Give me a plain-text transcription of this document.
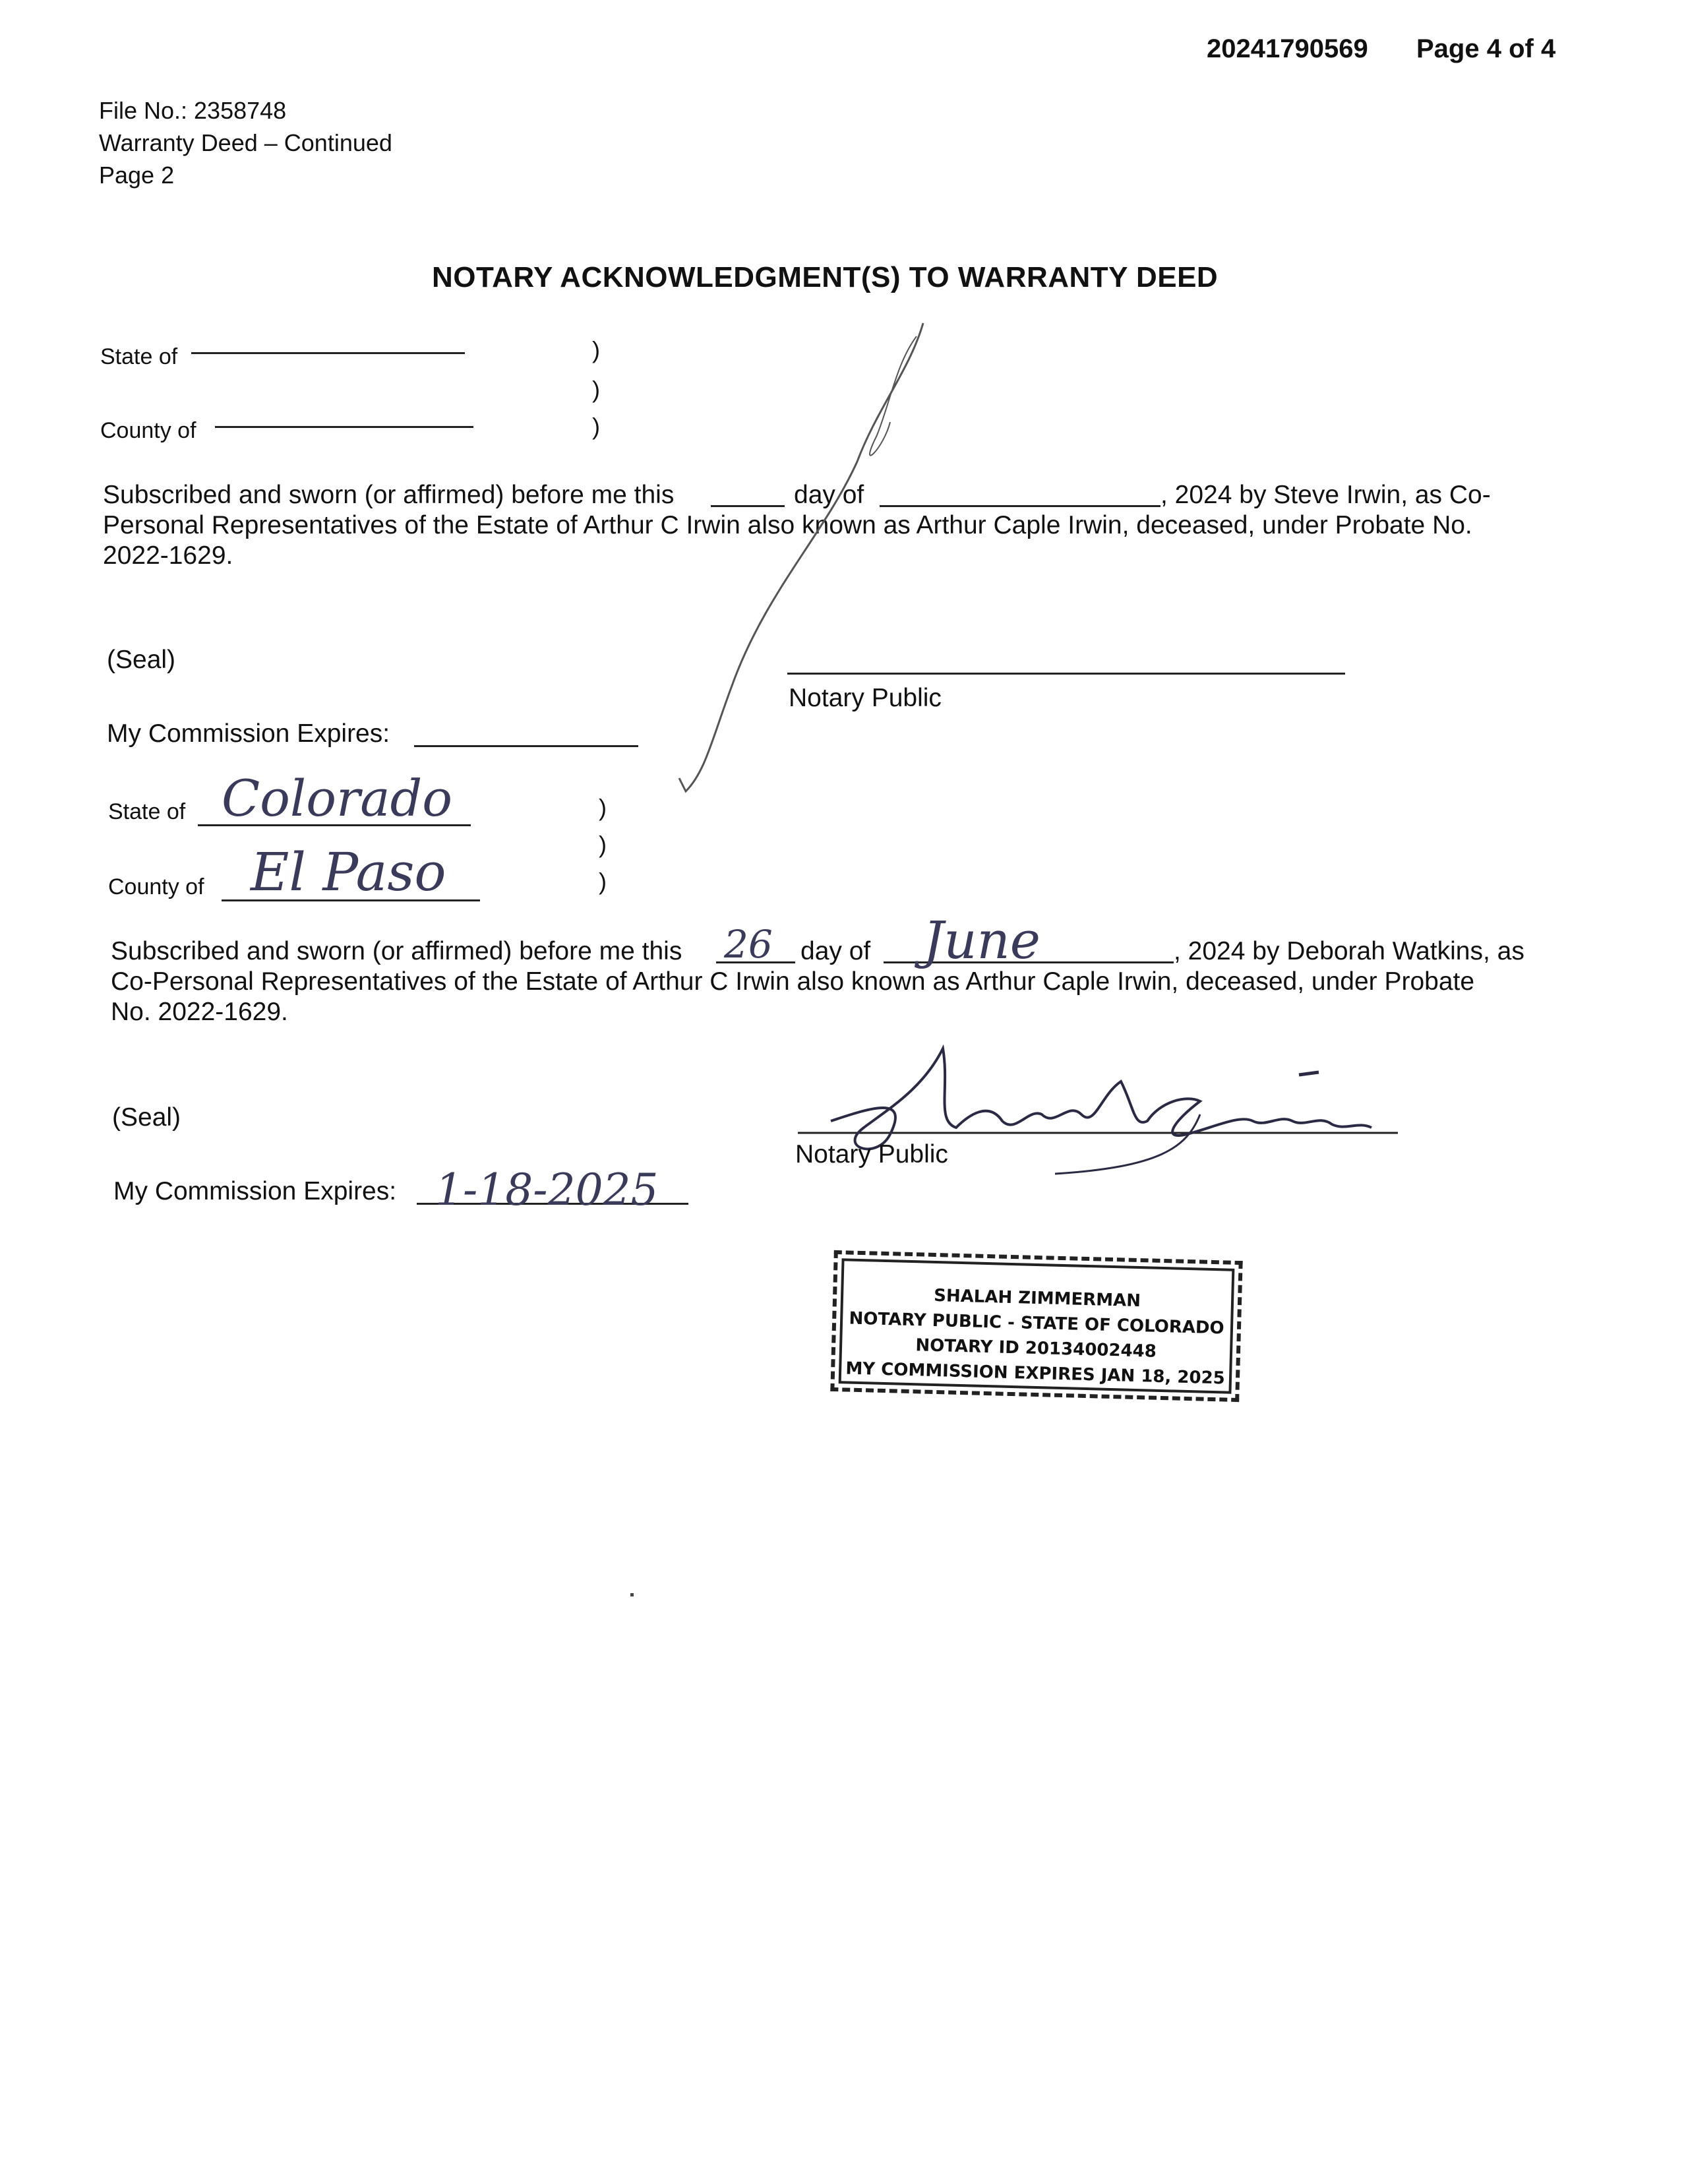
20241790569 Page 4 of 4
File No.: 2358748
Warranty Deed – Continued
Page 2
NOTARY ACKNOWLEDGMENT(S) TO WARRANTY DEED
State of	)
)
)
County of
Subscribed and sworn (or affirmed) before me this	day of	, 2024 by Steve Irwin, as Co-
Personal Representatives of the Estate of Arthur C Irwin also known as Arthur Caple Irwin, deceased, under Probate No.
2022-1629.
(Seal)
Notary Public
My Commission Expires:
State of Colorado	)
)
)
County of El Paso
Subscribed and sworn (or affirmed) before me this 26 day of June	, 2024 by Deborah Watkins, as
Co-Personal Representatives of the Estate of Arthur C Irwin also known as Arthur Caple Irwin, deceased, under Probate
No. 2022-1629.
(Seal)
Notary Public
My Commission Expires: 1-18-2025
SHALAH ZIMMERMAN
NOTARY PUBLIC - STATE OF COLORADO
NOTARY ID 20134002448
MY COMMISSION EXPIRES JAN 18, 2025
